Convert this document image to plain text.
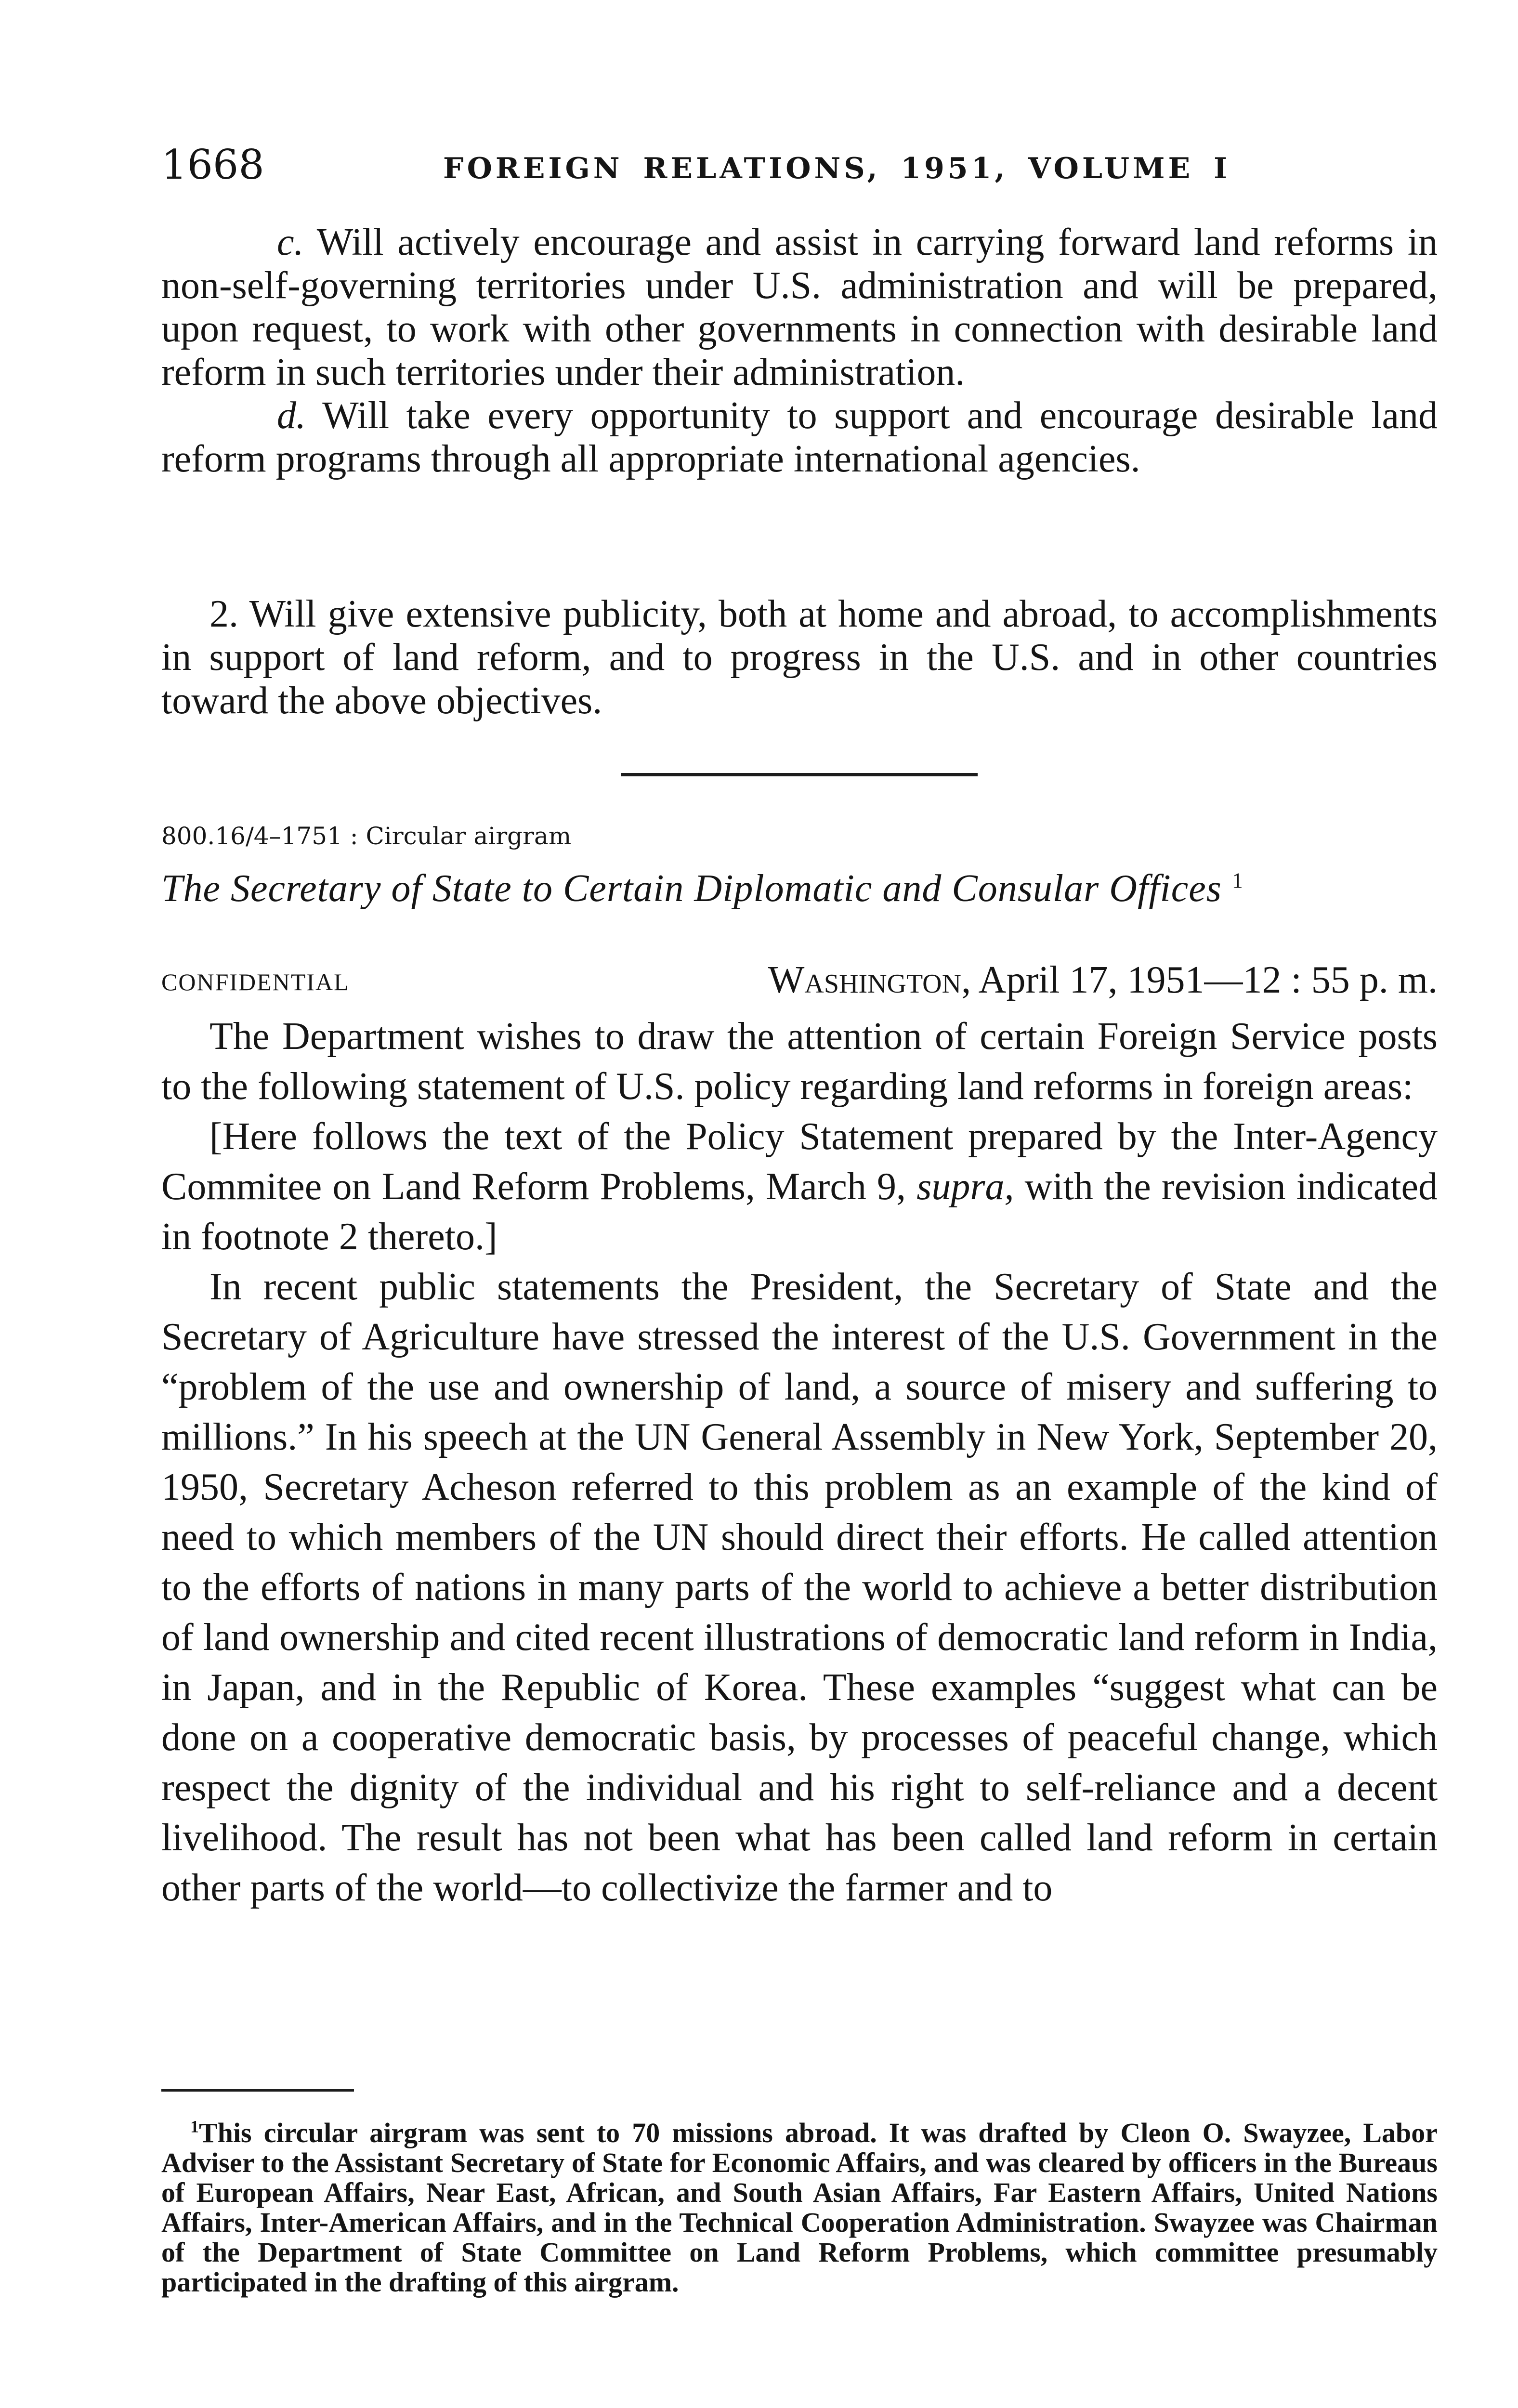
1668	FOREIGN RELATIONS, 1951, VOLUME I

c. Will actively encourage and assist in carrying forward land reforms in non-self-governing territories under U.S. administration and will be prepared, upon request, to work with other governments in connection with desirable land reform in such territories under their administration.

d. Will take every opportunity to support and encourage desirable land reform programs through all appropriate international agencies.

2. Will give extensive publicity, both at home and abroad, to accomplishments in support of land reform, and to progress in the U.S. and in other countries toward the above objectives.

800.16/4–1751 : Circular airgram
The Secretary of State to Certain Diplomatic and Consular Offices $^1$
CONFIDENTIAL	Washington, April 17, 1951—12 : 55 p. m.

The Department wishes to draw the attention of certain Foreign Service posts to the following statement of U.S. policy regarding land reforms in foreign areas:

[Here follows the text of the Policy Statement prepared by the Inter-Agency Commitee on Land Reform Problems, March 9, supra, with the revision indicated in footnote 2 thereto.]

In recent public statements the President, the Secretary of State and the Secretary of Agriculture have stressed the interest of the U.S. Government in the “problem of the use and ownership of land, a source of misery and suffering to millions.” In his speech at the UN General Assembly in New York, September 20, 1950, Secretary Acheson referred to this problem as an example of the kind of need to which members of the UN should direct their efforts. He called attention to the efforts of nations in many parts of the world to achieve a better distribution of land ownership and cited recent illustrations of democratic land reform in India, in Japan, and in the Republic of Korea. These examples “suggest what can be done on a cooperative democratic basis, by processes of peaceful change, which respect the dignity of the individual and his right to self-reliance and a decent livelihood. The result has not been what has been called land reform in certain other parts of the world—to collectivize the farmer and to

$^1$This circular airgram was sent to 70 missions abroad. It was drafted by Cleon O. Swayzee, Labor Adviser to the Assistant Secretary of State for Economic Affairs, and was cleared by officers in the Bureaus of European Affairs, Near East, African, and South Asian Affairs, Far Eastern Affairs, United Nations Affairs, Inter-American Affairs, and in the Technical Cooperation Administration. Swayzee was Chairman of the Department of State Committee on Land Reform Problems, which committee presumably participated in the drafting of this airgram.
